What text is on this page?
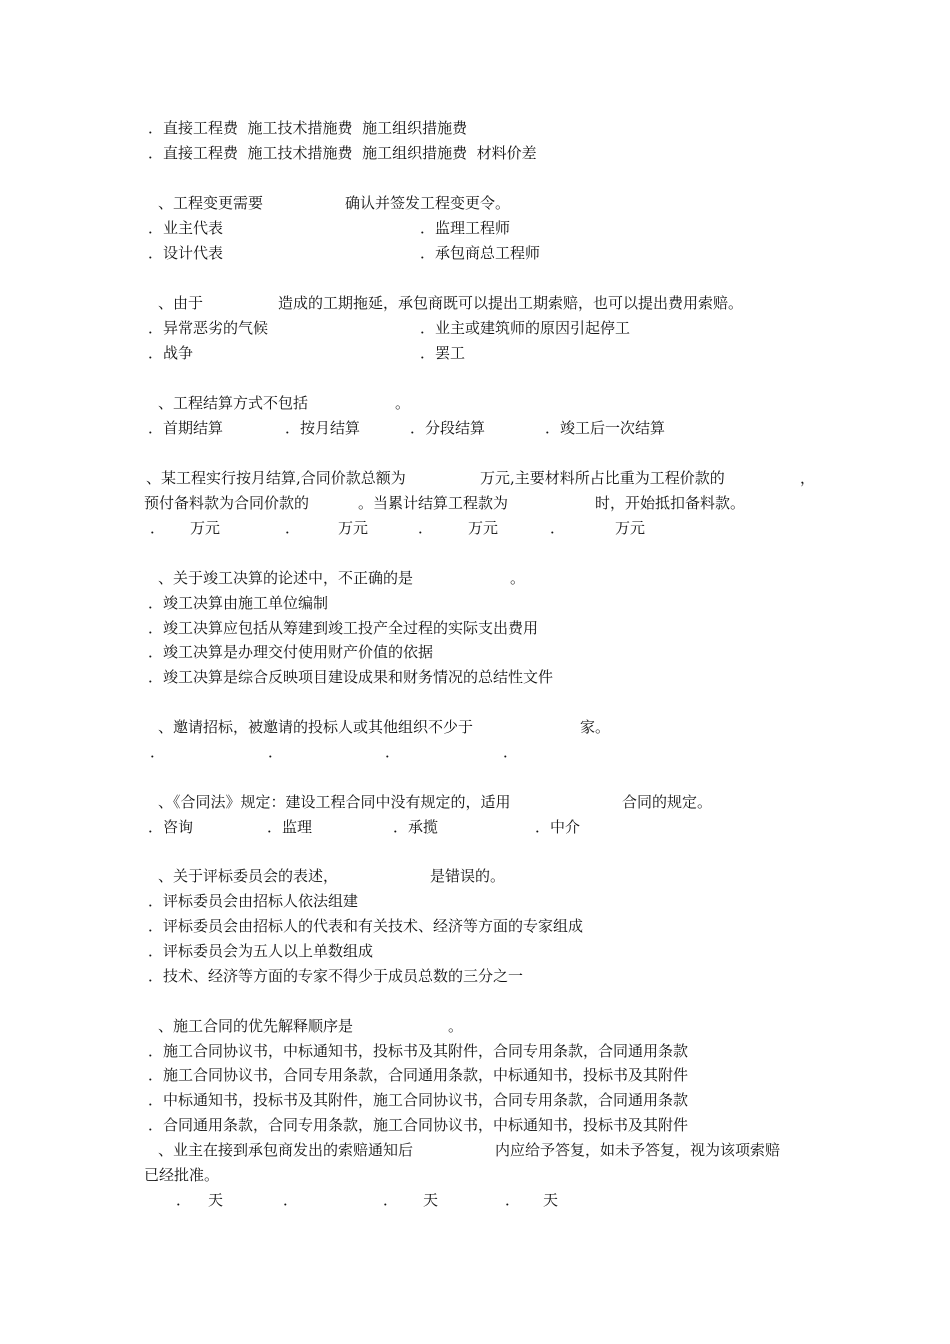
．直接工程费  施工技术措施费  施工组织措施费
．直接工程费  施工技术措施费  施工组织措施费  材料价差
、工程变更需要	确认并签发工程变更令。
．业主代表	．监理工程师
．设计代表	．承包商总工程师
、由于	造成的工期拖延，承包商既可以提出工期索赔，也可以提出费用索赔。
．异常恶劣的气候	．业主或建筑师的原因引起停工
．战争	．罢工
、工程结算方式不包括	。
．首期结算	．按月结算	．分段结算	．竣工后一次结算
、某工程实行按月结算,合同价款总额为	万元,主要材料所占比重为工程价款的	，
预付备料款为合同价款的	。当累计结算工程款为	时，开始抵扣备料款。
． 万元	．	万元	． 万元	．	万元
、关于竣工决算的论述中，不正确的是	。
．竣工决算由施工单位编制
．竣工决算应包括从筹建到竣工投产全过程的实际支出费用
．竣工决算是办理交付使用财产价值的依据
．竣工决算是综合反映项目建设成果和财务情况的总结性文件
、邀请招标，被邀请的投标人或其他组织不少于	家。
．	．	．	．
、《合同法》规定：建设工程合同中没有规定的，适用	合同的规定。
．咨询	．监理	．承揽	．中介
、关于评标委员会的表述，	是错误的。
．评标委员会由招标人依法组建
．评标委员会由招标人的代表和有关技术、经济等方面的专家组成
．评标委员会为五人以上单数组成
．技术、经济等方面的专家不得少于成员总数的三分之一
、施工合同的优先解释顺序是	。
．施工合同协议书，中标通知书，投标书及其附件，合同专用条款，合同通用条款
．施工合同协议书，合同专用条款，合同通用条款，中标通知书，投标书及其附件
．中标通知书，投标书及其附件，施工合同协议书，合同专用条款，合同通用条款
．合同通用条款，合同专用条款，施工合同协议书，中标通知书，投标书及其附件
、业主在接到承包商发出的索赔通知后	内应给予答复，如未予答复，视为该项索赔
已经批准。
． 天	．	． 天	． 天
